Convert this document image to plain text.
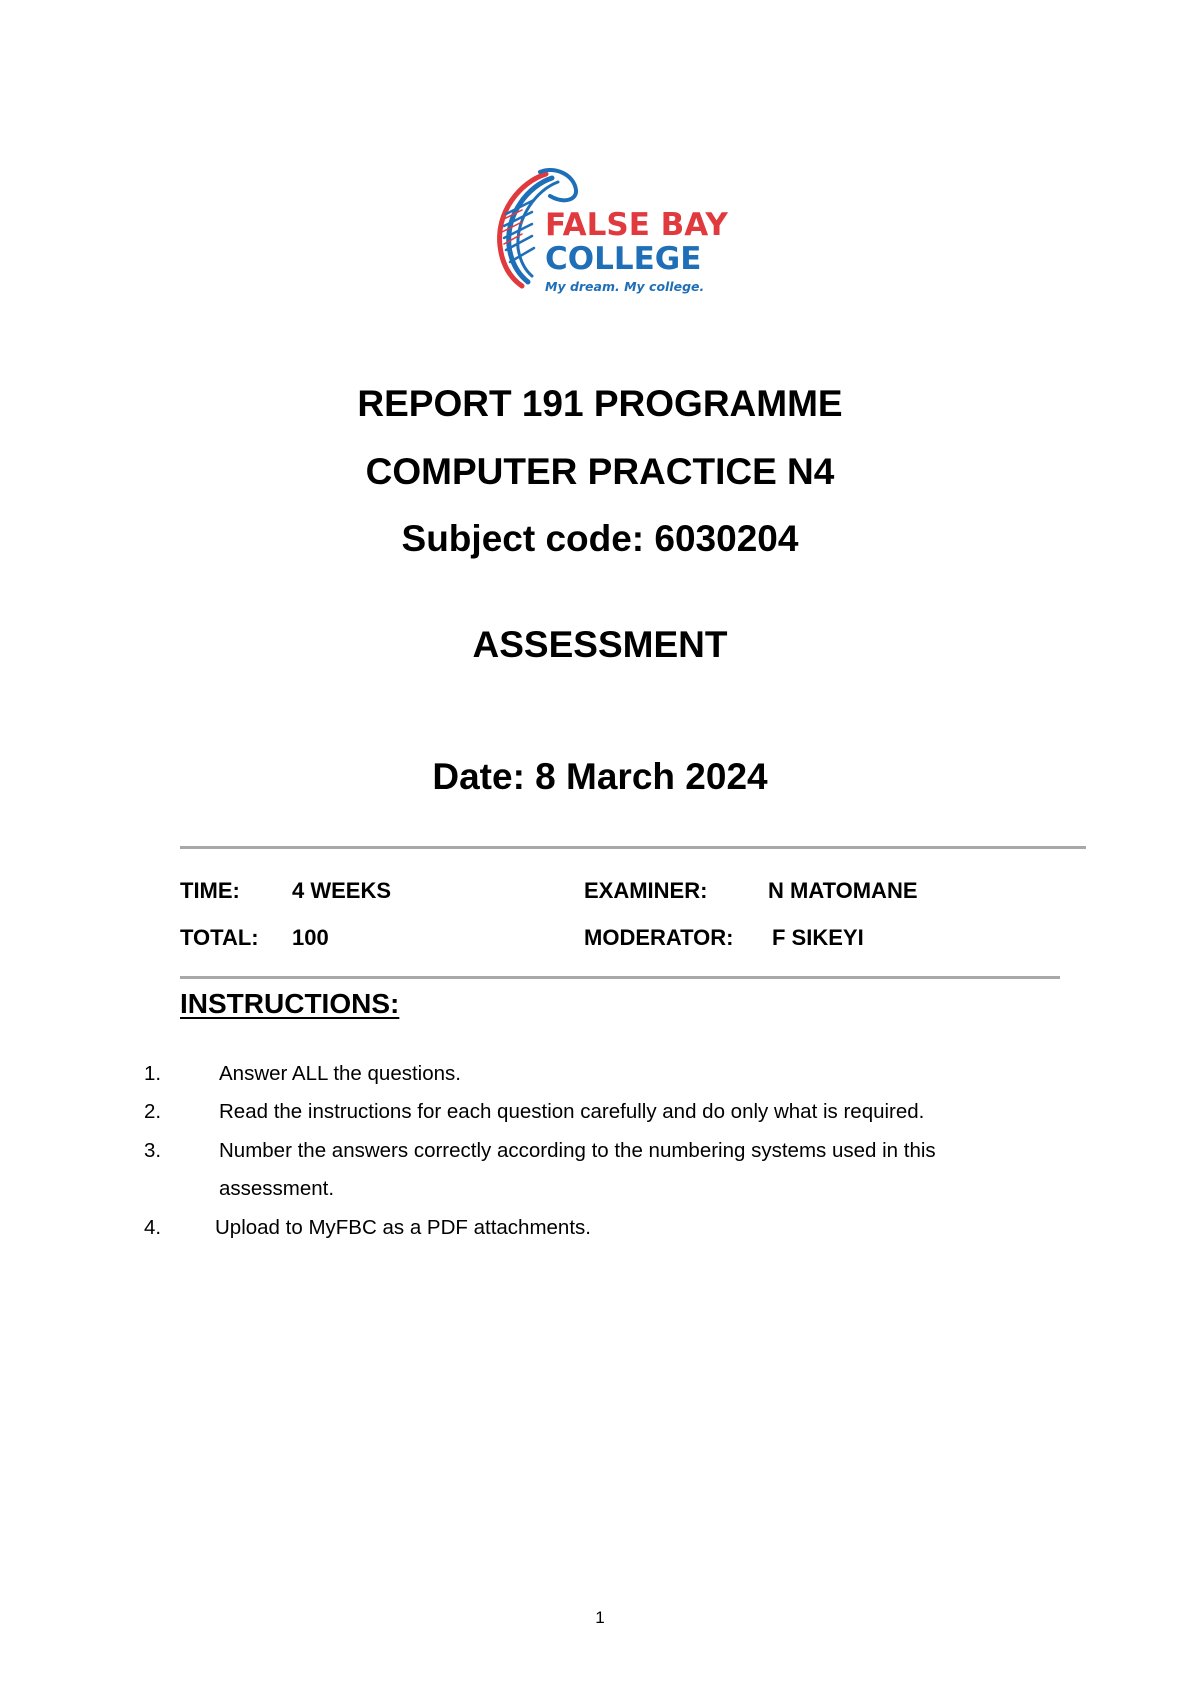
FALSE BAY
COLLEGE
My dream. My college.
REPORT 191 PROGRAMME
COMPUTER PRACTICE N4
Subject code: 6030204
ASSESSMENT
Date: 8 March 2024
TIME: 4 WEEKS	EXAMINER:	N MATOMANE
TOTAL: 100	MODERATOR: F SIKEYI
INSTRUCTIONS:
1.	Answer ALL the questions.
2.	Read the instructions for each question carefully and do only what is required.
3.	Number the answers correctly according to the numbering systems used in this
assessment.
4.	Upload to MyFBC as a PDF attachments.
1
